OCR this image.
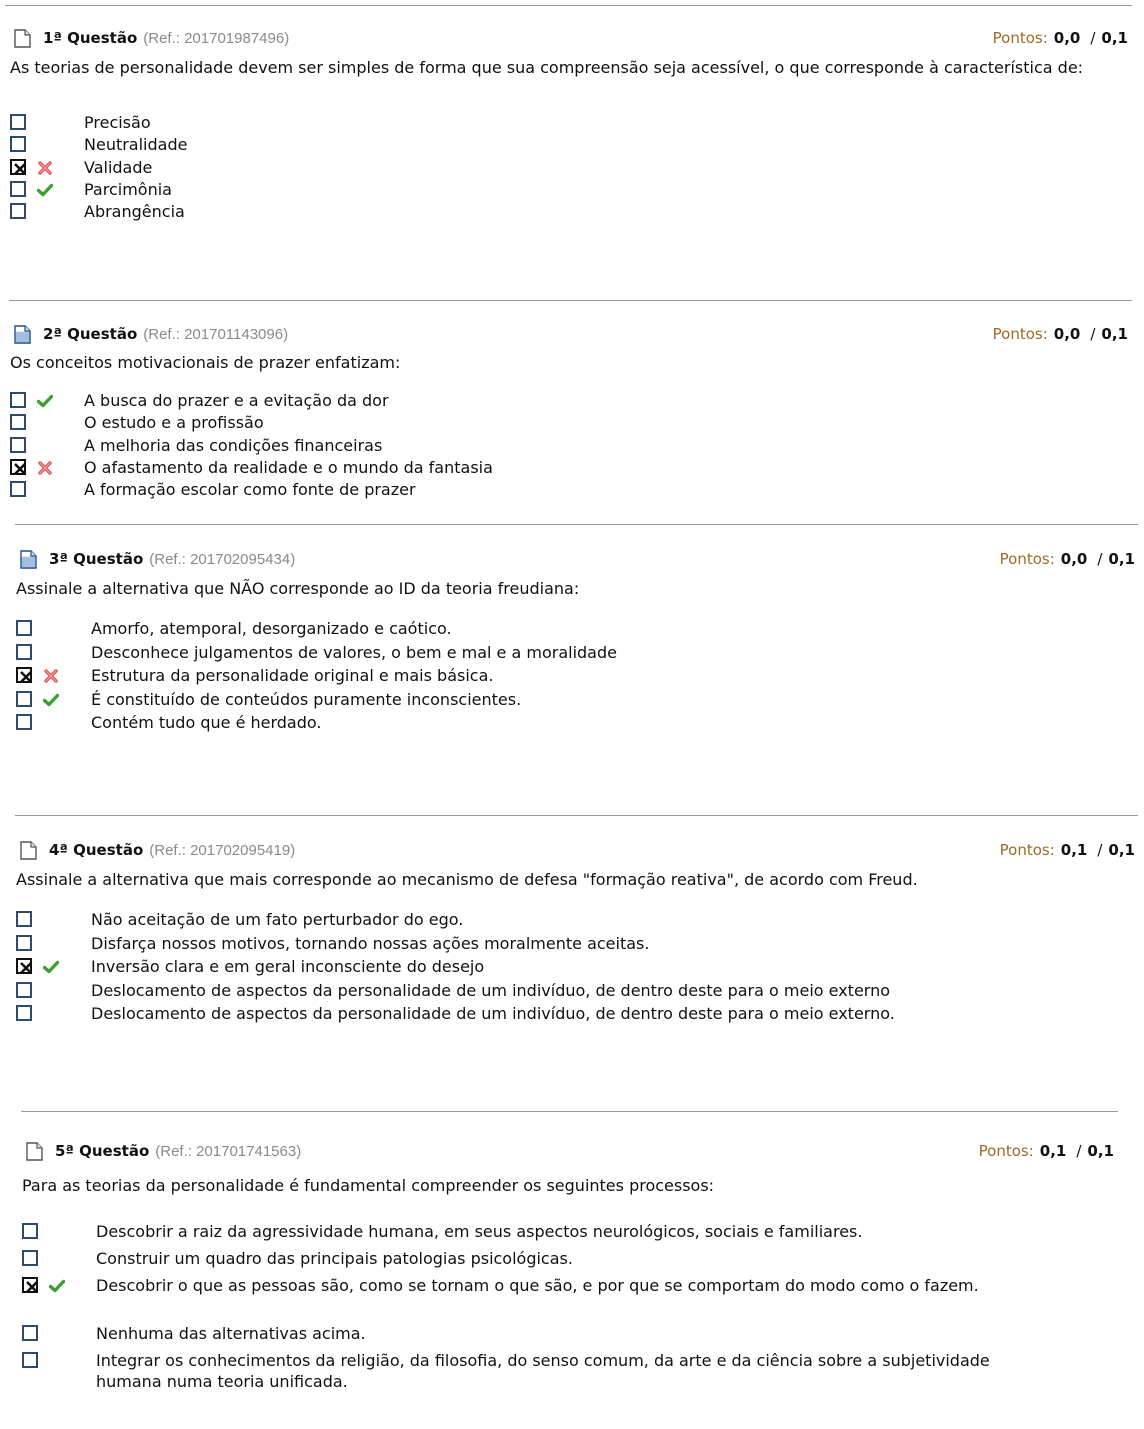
1ª Questão (Ref.: 201701987496)	Pontos: 0,0 / 0,1
As teorias de personalidade devem ser simples de forma que sua compreensão seja acessível, o que corresponde à característica de:
Precisão
Neutralidade
Validade
Parcimônia
Abrangência
2ª Questão (Ref.: 201701143096)	Pontos: 0,0 / 0,1
Os conceitos motivacionais de prazer enfatizam:
A busca do prazer e a evitação da dor
O estudo e a profissão
A melhoria das condições financeiras
O afastamento da realidade e o mundo da fantasia
A formação escolar como fonte de prazer
3ª Questão (Ref.: 201702095434)	Pontos: 0,0 / 0,1
Assinale a alternativa que NÃO corresponde ao ID da teoria freudiana:
Amorfo, atemporal, desorganizado e caótico.
Desconhece julgamentos de valores, o bem e mal e a moralidade
Estrutura da personalidade original e mais básica.
É constituído de conteúdos puramente inconscientes.
Contém tudo que é herdado.
4ª Questão (Ref.: 201702095419)	Pontos: 0,1 / 0,1
Assinale a alternativa que mais corresponde ao mecanismo de defesa "formação reativa", de acordo com Freud.
Não aceitação de um fato perturbador do ego.
Disfarça nossos motivos, tornando nossas ações moralmente aceitas.
Inversão clara e em geral inconsciente do desejo
Deslocamento de aspectos da personalidade de um indivíduo, de dentro deste para o meio externo
Deslocamento de aspectos da personalidade de um indivíduo, de dentro deste para o meio externo.
5ª Questão (Ref.: 201701741563)	Pontos: 0,1 / 0,1
Para as teorias da personalidade é fundamental compreender os seguintes processos:
Descobrir a raiz da agressividade humana, em seus aspectos neurológicos, sociais e familiares.
Construir um quadro das principais patologias psicológicas.
Descobrir o que as pessoas são, como se tornam o que são, e por que se comportam do modo como o fazem.
Nenhuma das alternativas acima.
Integrar os conhecimentos da religião, da filosofia, do senso comum, da arte e da ciência sobre a subjetividade humana numa teoria unificada.
